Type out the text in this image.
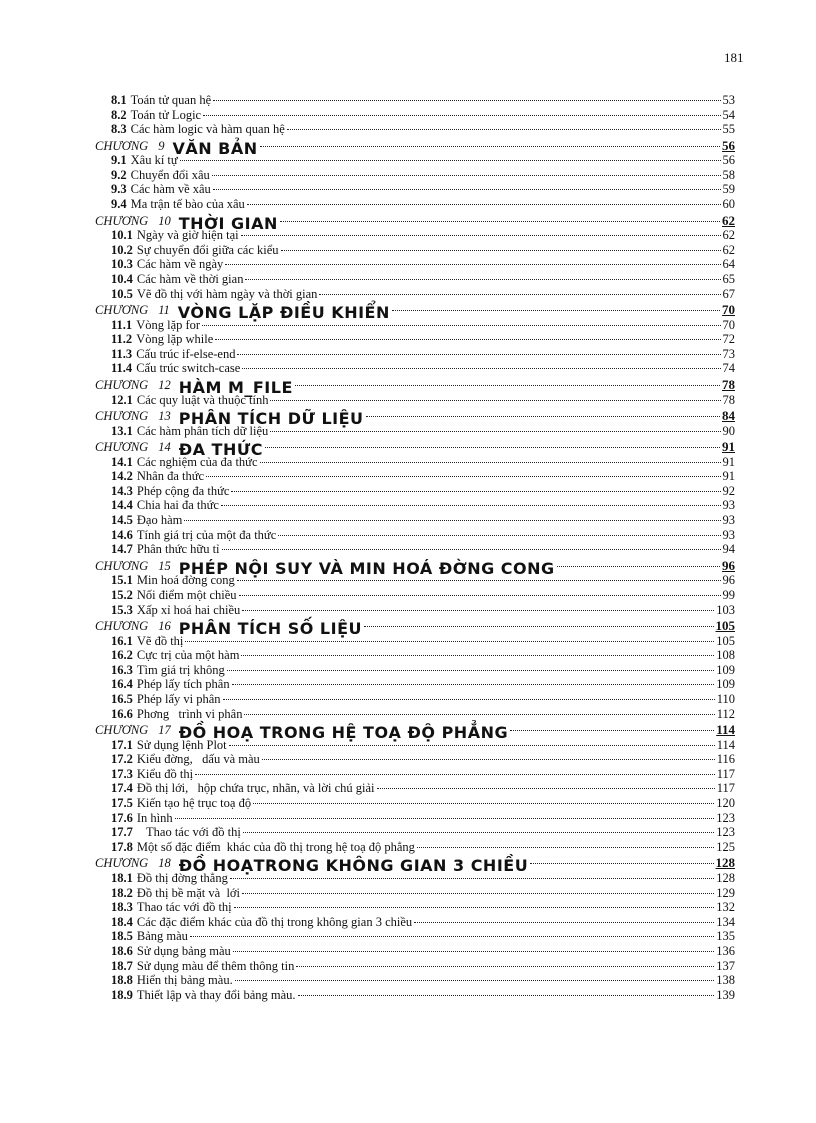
181
8.1 Toán tử quan hệ	53
8.2 Toán tử Logic	54
8.3 Các hàm logic và hàm quan hệ	55
CHƯƠNG 9 VĂN BẢN	56
9.1 Xâu kí tự	56
9.2 Chuyển đổi xâu	58
9.3 Các hàm về xâu	59
9.4 Ma trận tế bào của xâu	60
CHƯƠNG 10 THỜI GIAN	62
10.1 Ngày và giờ hiện tại	62
10.2 Sự chuyển đổi giữa các kiểu	62
10.3 Các hàm về ngày	64
10.4 Các hàm về thời gian	65
10.5 Vẽ đồ thị với hàm ngày và thời gian	67
CHƯƠNG 11 VÒNG LẶP ĐIỀU KHIỂN	70
11.1 Vòng lặp for	70
11.2 Vòng lặp while	72
11.3 Cấu trúc if-else-end	73
11.4 Cấu trúc switch-case	74
CHƯƠNG 12 HÀM M_FILE	78
12.1 Các quy luật và thuộc tính	78
CHƯƠNG 13 PHÂN TÍCH DỮ LIỆU	84
13.1 Các hàm phân tích dữ liệu	90
CHƯƠNG 14 ĐA THỨC	91
14.1 Các nghiệm của đa thức	91
14.2 Nhân đa thức	91
14.3 Phép cộng đa thức	92
14.4 Chia hai đa thức	93
14.5 Đạo hàm	93
14.6 Tính giá trị của một đa thức	93
14.7 Phân thức hữu tỉ	94
CHƯƠNG 15 PHÉP NỘI SUY VÀ MIN HOÁ ĐỜNG CONG	96
15.1 Min hoá đờng cong	96
15.2 Nối điểm một chiều	99
15.3 Xấp xỉ hoá hai chiều	103
CHƯƠNG 16 PHÂN TÍCH SỐ LIỆU	105
16.1 Vẽ đồ thị	105
16.2 Cực trị của một hàm	108
16.3 Tìm giá trị không	109
16.4 Phép lấy tích phân	109
16.5 Phép lấy vi phân	110
16.6 Phơng   trình vi phân	112
CHƯƠNG 17 ĐỒ HOẠ TRONG HỆ TOẠ ĐỘ PHẲNG	114
17.1 Sử dụng lệnh Plot	114
17.2 Kiểu đờng,   dấu và màu	116
17.3 Kiểu đồ thị	117
17.4 Đồ thị lới,   hộp chứa trục, nhãn, và lời chú giải	117
17.5 Kiến tạo hệ trục toạ độ	120
17.6 In hình	123
17.7   Thao tác với đồ thị	123
17.8 Một số đặc điểm  khác của đồ thị trong hệ toạ độ phẳng	125
CHƯƠNG 18 ĐỒ HOẠTRONG KHÔNG GIAN 3 CHIỀU	128
18.1 Đồ thị đờng thẳng	128
18.2 Đồ thị bề mặt và  lới	129
18.3 Thao tác với đồ thị	132
18.4 Các đặc điểm khác của đồ thị trong không gian 3 chiều	134
18.5 Bảng màu	135
18.6 Sử dụng bảng màu	136
18.7 Sử dụng màu để thêm thông tin	137
18.8 Hiển thị bảng màu.	138
18.9 Thiết lập và thay đổi bảng màu.	139
